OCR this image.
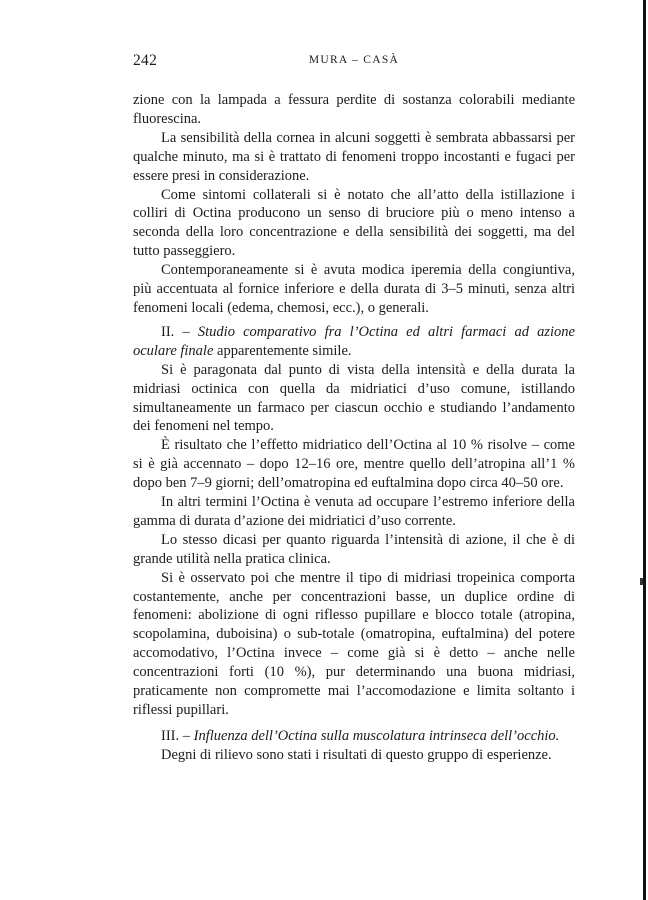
242	MURA – CASÀ

zione con la lampada a fessura perdite di sostanza colorabili mediante fluorescina.

La sensibilità della cornea in alcuni soggetti è sembrata abbassarsi per qualche minuto, ma si è trattato di fenomeni troppo incostanti e fugaci per essere presi in considerazione.

Come sintomi collaterali si è notato che all’atto della istillazione i colliri di Octina producono un senso di bruciore più o meno intenso a seconda della loro concentrazione e della sensibilità dei soggetti, ma del tutto passeggiero.

Contemporaneamente si è avuta modica iperemia della congiuntiva, più accentuata al fornice inferiore e della durata di 3–5 minuti, senza altri fenomeni locali (edema, chemosi, ecc.), o generali.

II. – Studio comparativo fra l’Octina ed altri farmaci ad azione oculare finale apparentemente simile.

Si è paragonata dal punto di vista della intensità e della durata la midriasi octinica con quella da midriatici d’uso comune, istillando simultaneamente un farmaco per ciascun occhio e studiando l’andamento dei fenomeni nel tempo.

È risultato che l’effetto midriatico dell’Octina al 10 % risolve – come si è già accennato – dopo 12–16 ore, mentre quello dell’atropina all’1 % dopo ben 7–9 giorni; dell’omatropina ed euftalmina dopo circa 40–50 ore.

In altri termini l’Octina è venuta ad occupare l’estremo inferiore della gamma di durata d’azione dei midriatici d’uso corrente.

Lo stesso dicasi per quanto riguarda l’intensità di azione, il che è di grande utilità nella pratica clinica.

Si è osservato poi che mentre il tipo di midriasi tropeinica comporta costantemente, anche per concentrazioni basse, un duplice ordine di fenomeni: abolizione di ogni riflesso pupillare e blocco totale (atropina, scopolamina, duboisina) o sub-totale (omatropina, euftalmina) del potere accomodativo, l’Octina invece – come già si è detto – anche nelle concentrazioni forti (10 %), pur determinando una buona midriasi, praticamente non compromette mai l’accomodazione e limita soltanto i riflessi pupillari.

III. – Influenza dell’Octina sulla muscolatura intrinseca dell’occhio.

Degni di rilievo sono stati i risultati di questo gruppo di esperienze.
